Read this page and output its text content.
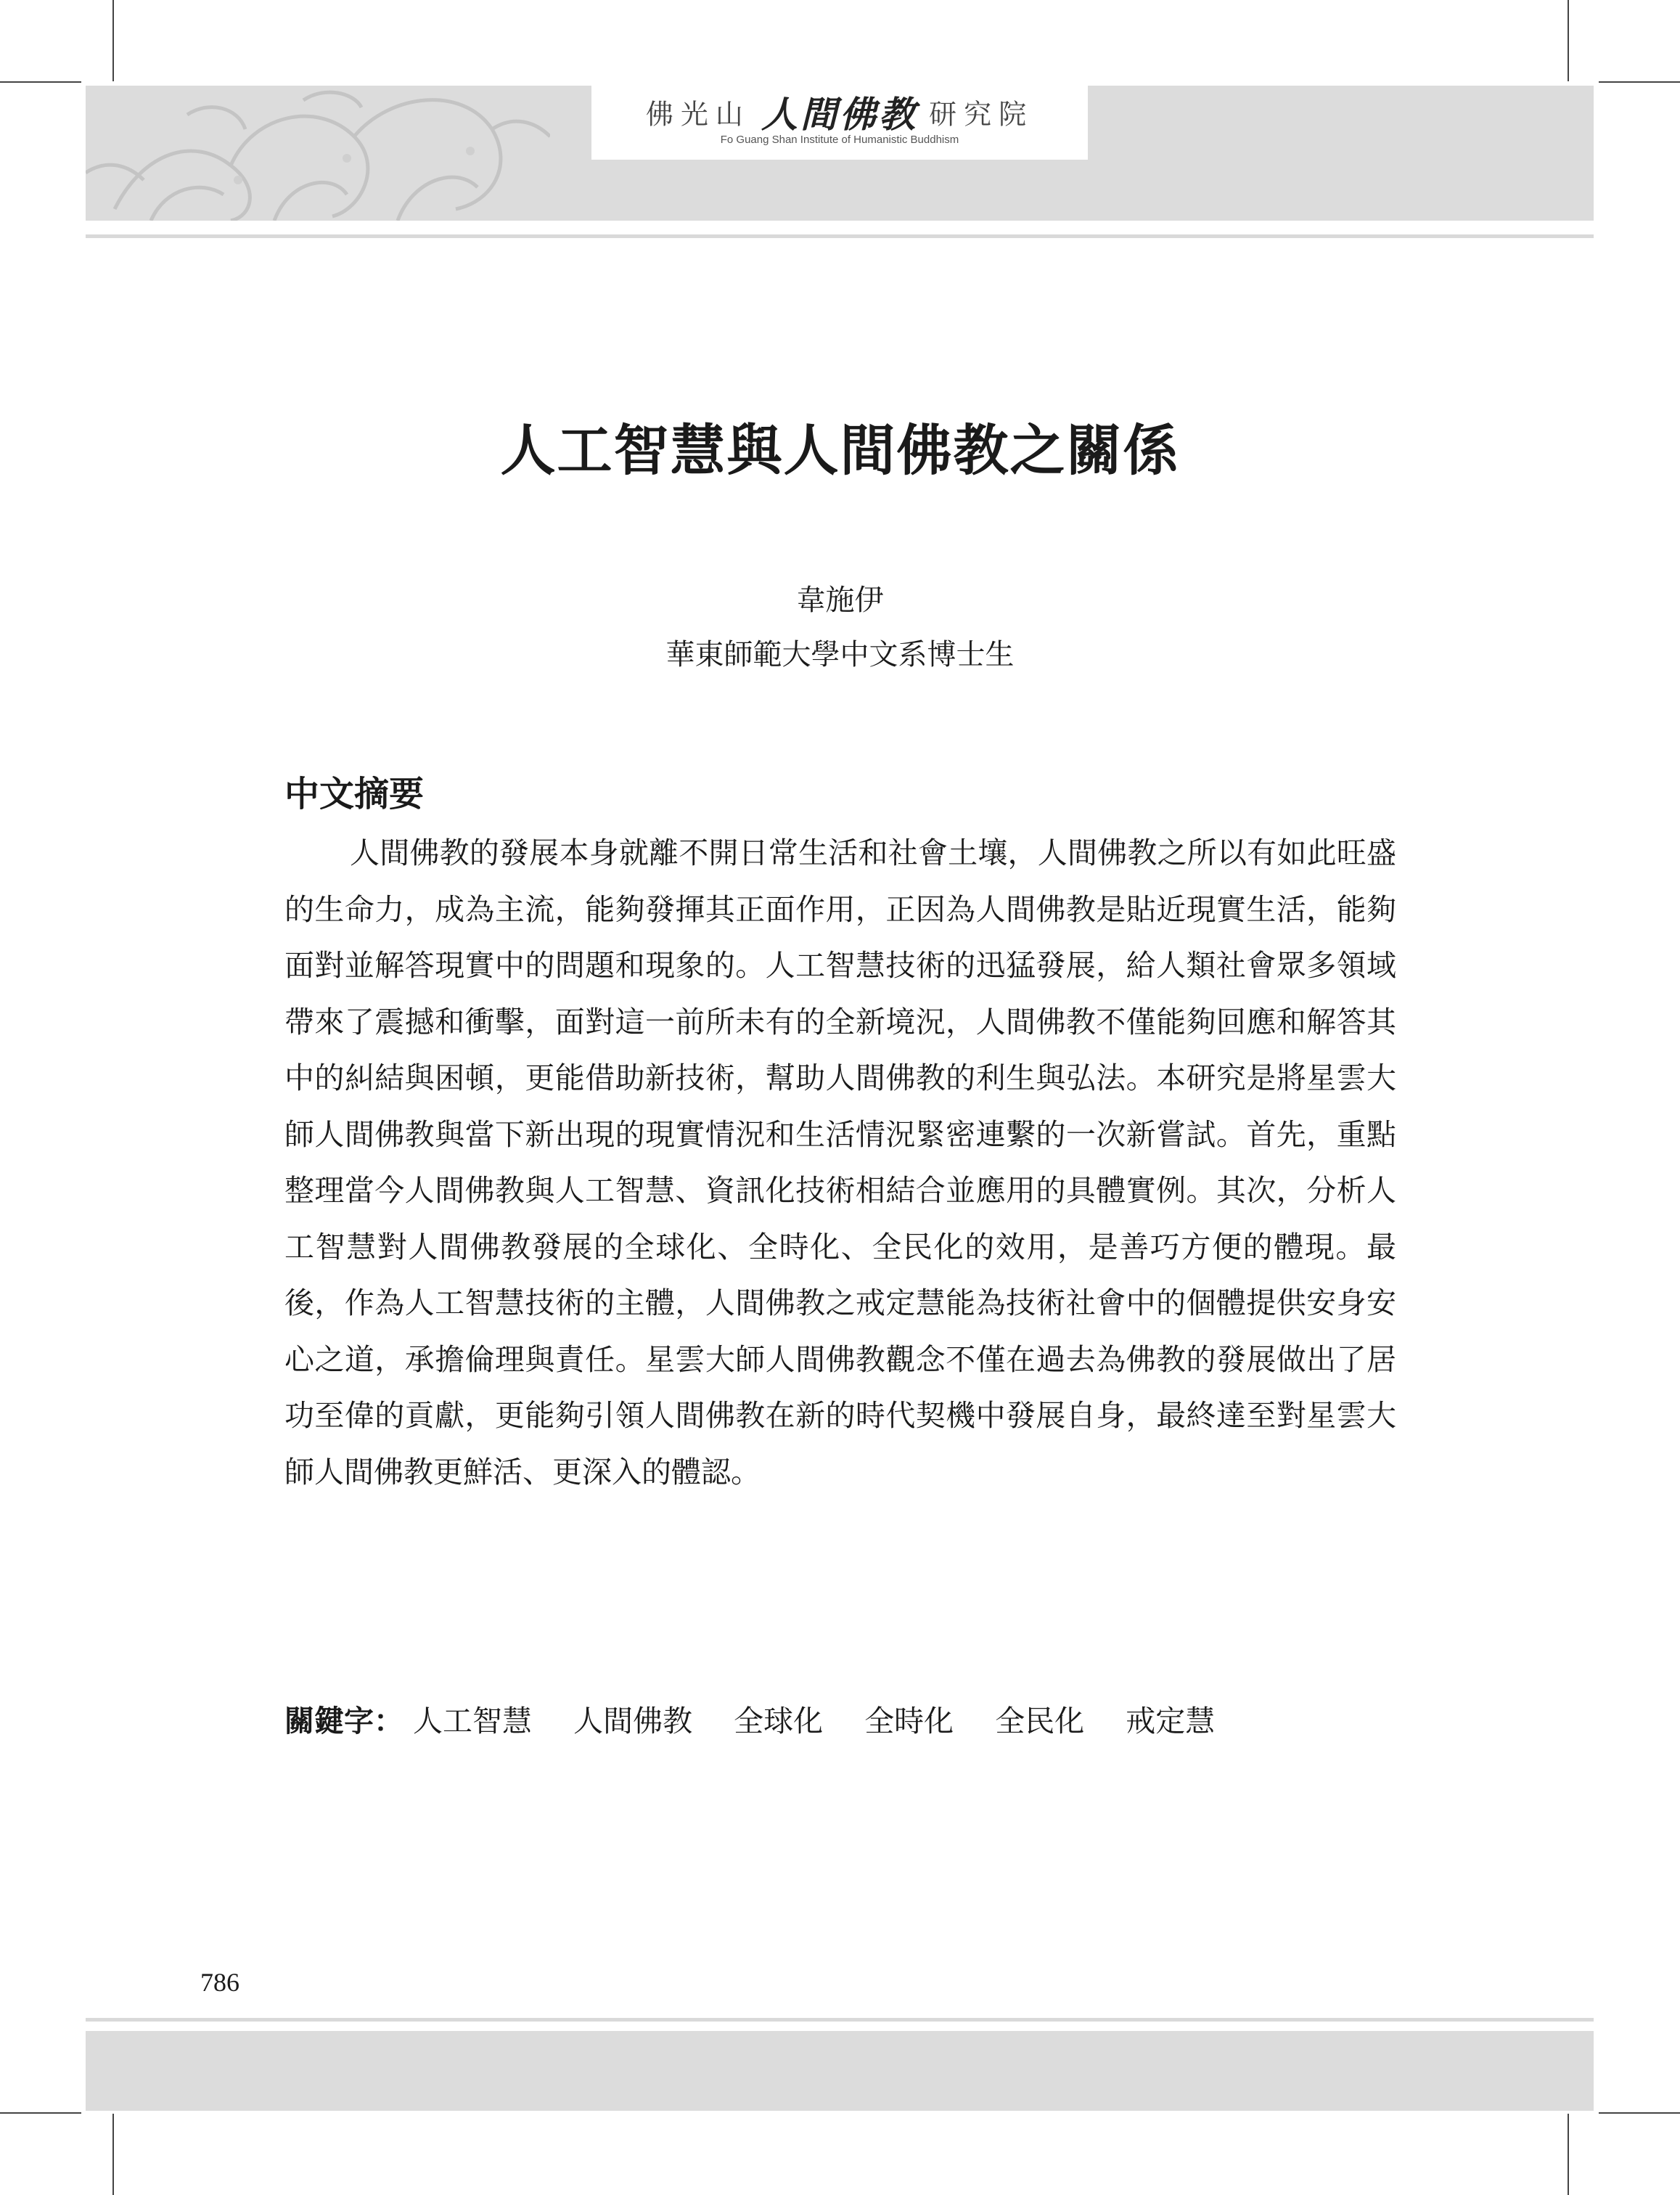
佛光山 人間佛教 研究院
Fo Guang Shan Institute of Humanistic Buddhism
人工智慧與人間佛教之關係
韋施伊
華東師範大學中文系博士生
中文摘要
人間佛教的發展本身就離不開日常生活和社會土壤，人間佛教之所以有如此旺盛的生命力，成為主流，能夠發揮其正面作用，正因為人間佛教是貼近現實生活，能夠面對並解答現實中的問題和現象的。人工智慧技術的迅猛發展，給人類社會眾多領域帶來了震撼和衝擊，面對這一前所未有的全新境況，人間佛教不僅能夠回應和解答其中的糾結與困頓，更能借助新技術，幫助人間佛教的利生與弘法。本研究是將星雲大師人間佛教與當下新出現的現實情況和生活情況緊密連繫的一次新嘗試。首先，重點整理當今人間佛教與人工智慧、資訊化技術相結合並應用的具體實例。其次，分析人工智慧對人間佛教發展的全球化、全時化、全民化的效用，是善巧方便的體現。最後，作為人工智慧技術的主體，人間佛教之戒定慧能為技術社會中的個體提供安身安心之道，承擔倫理與責任。星雲大師人間佛教觀念不僅在過去為佛教的發展做出了居功至偉的貢獻，更能夠引領人間佛教在新的時代契機中發展自身，最終達至對星雲大師人間佛教更鮮活、更深入的體認。
關鍵字： 人工智慧 人間佛教 全球化 全時化 全民化 戒定慧
786
